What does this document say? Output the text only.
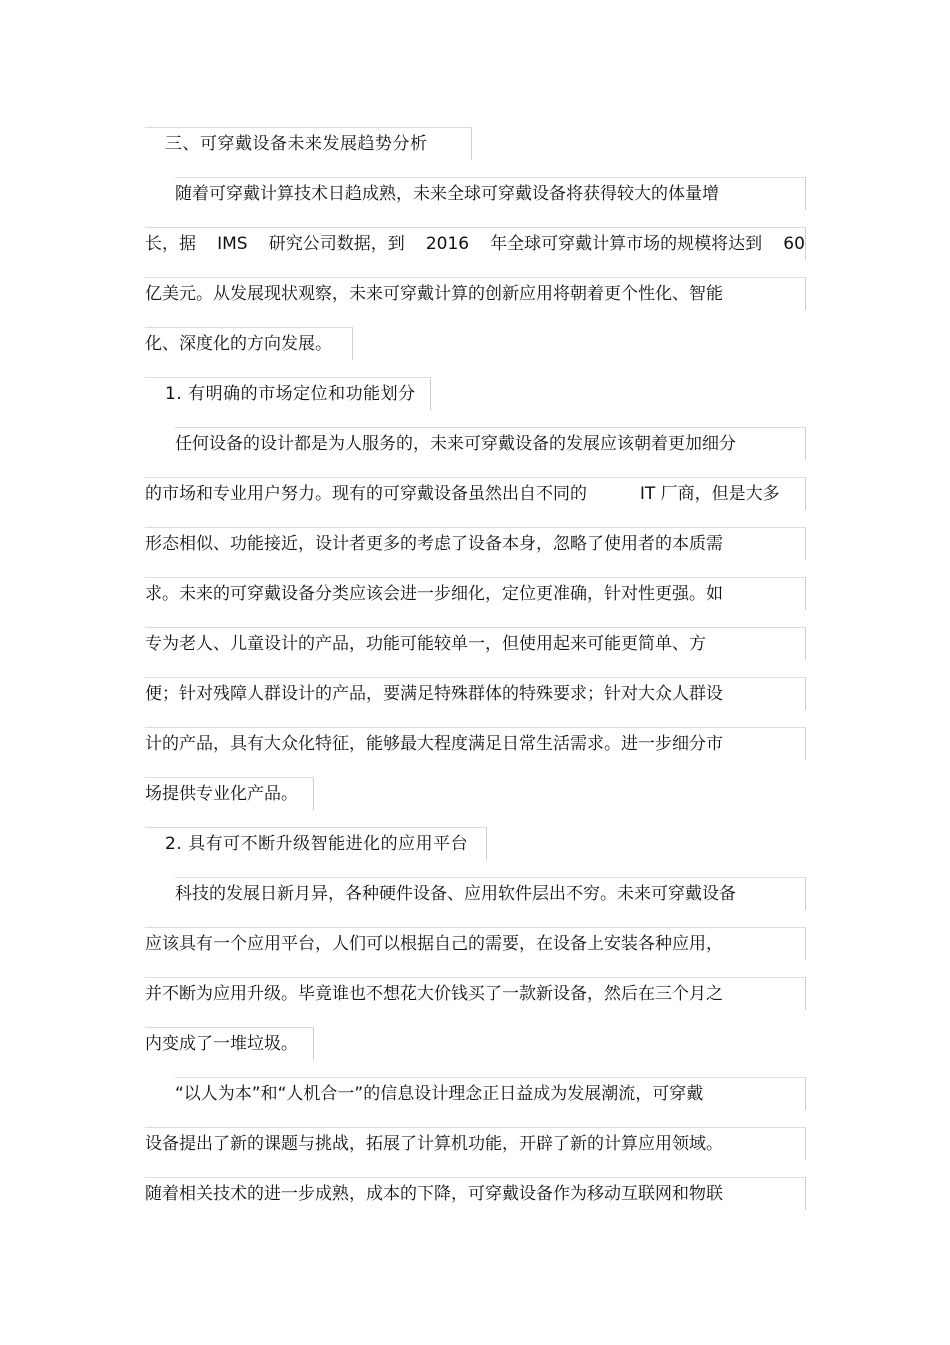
三、可穿戴设备未来发展趋势分析
随着可穿戴计算技术日趋成熟，未来全球可穿戴设备将获得较大的体量增
长，据 IMS 研究公司数据，到 2016 年全球可穿戴计算市场的规模将达到 60
亿美元。从发展现状观察，未来可穿戴计算的创新应用将朝着更个性化、智能
化、深度化的方向发展。
1. 有明确的市场定位和功能划分
任何设备的设计都是为人服务的，未来可穿戴设备的发展应该朝着更加细分
的市场和专业用户努力。现有的可穿戴设备虽然出自不同的	IT 厂商，但是大多
形态相似、功能接近，设计者更多的考虑了设备本身，忽略了使用者的本质需
求。未来的可穿戴设备分类应该会进一步细化，定位更准确，针对性更强。如
专为老人、儿童设计的产品，功能可能较单一，但使用起来可能更简单、方
便；针对残障人群设计的产品，要满足特殊群体的特殊要求；针对大众人群设
计的产品，具有大众化特征，能够最大程度满足日常生活需求。进一步细分市
场提供专业化产品。
2. 具有可不断升级智能进化的应用平台
科技的发展日新月异，各种硬件设备、应用软件层出不穷。未来可穿戴设备
应该具有一个应用平台，人们可以根据自己的需要，在设备上安装各种应用，
并不断为应用升级。毕竟谁也不想花大价钱买了一款新设备，然后在三个月之
内变成了一堆垃圾。
“以人为本”和“人机合一”的信息设计理念正日益成为发展潮流，可穿戴
设备提出了新的课题与挑战，拓展了计算机功能，开辟了新的计算应用领域。
随着相关技术的进一步成熟，成本的下降，可穿戴设备作为移动互联网和物联
